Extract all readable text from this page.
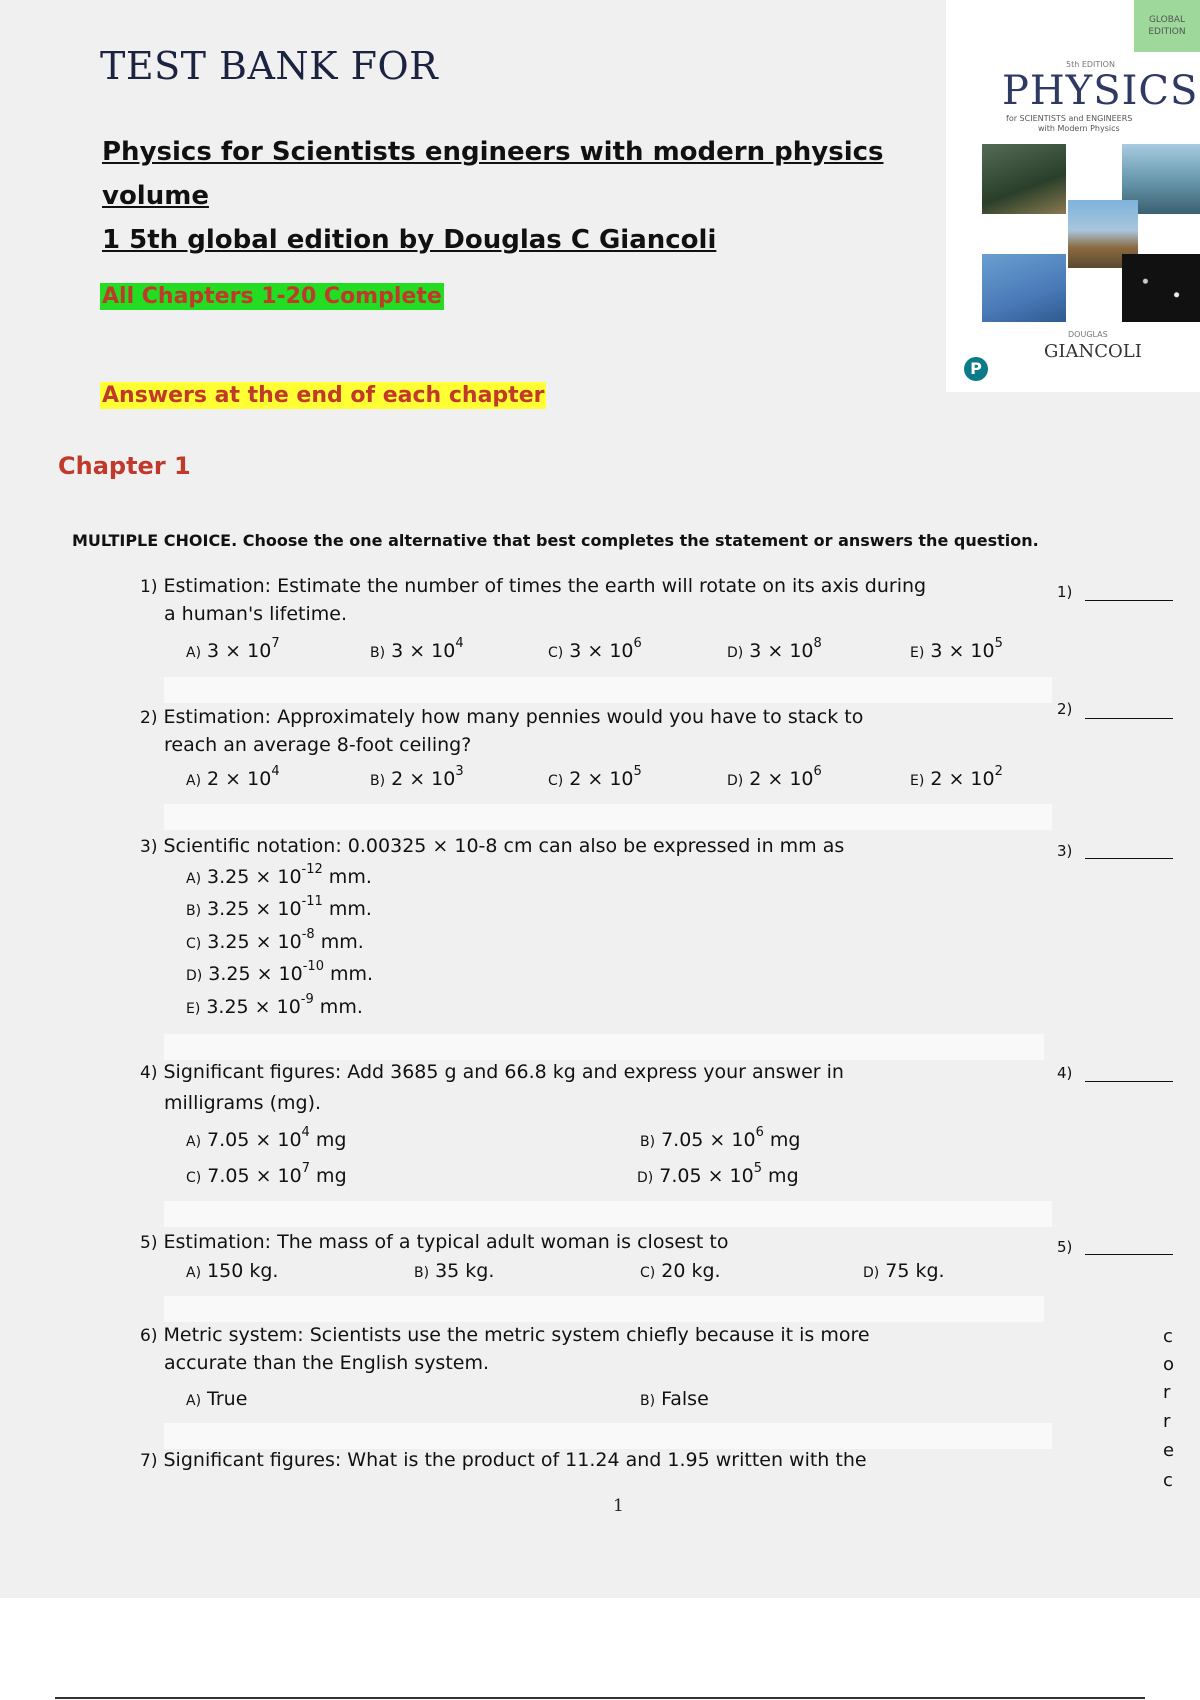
TEST BANK FOR
Physics for Scientists engineers with modern physics volume
1 5th global edition by Douglas C Giancoli
All Chapters 1-20 Complete
Answers at the end of each chapter
Chapter 1
MULTIPLE CHOICE. Choose the one alternative that best completes the statement or answers the question.
GLOBAL
EDITION
5th EDITION
PHYSICS
for SCIENTISTS and ENGINEERS
with Modern Physics
DOUGLAS
GIANCOLI
P
1) Estimation: Estimate the number of times the earth will rotate on its axis during
a human's lifetime.
1)
A) $3 \times 10^7$
B) $3 \times 10^4$
C) $3 \times 10^6$
D) $3 \times 10^8$
E) $3 \times 10^5$
2) Estimation: Approximately how many pennies would you have to stack to
reach an average 8-foot ceiling?
2)
A) $2 \times 10^4$
B) $2 \times 10^3$
C) $2 \times 10^5$
D) $2 \times 10^6$
E) $2 \times 10^2$
3) Scientific notation: 0.00325 × 10-8 cm can also be expressed in mm as	3)
A) $3.25 \times 10^{-12}$ mm.
B) $3.25 \times 10^{-11}$ mm.
C) $3.25 \times 10^{-8}$ mm.
D) $3.25 \times 10^{-10}$ mm.
E) $3.25 \times 10^{-9}$ mm.
4) Significant figures: Add 3685 g and 66.8 kg and express your answer in
milligrams (mg).
4)
A) $7.05 \times 10^4$ mg	B) $7.05 \times 10^6$ mg
C) $7.05 \times 10^7$ mg	D) $7.05 \times 10^5$ mg
5) Estimation: The mass of a typical adult woman is closest to	5)
A) 150 kg.	B) 35 kg.	C) 20 kg.	D) 75 kg.
6) Metric system: Scientists use the metric system chiefly because it is more
accurate than the English system.
A) True	B) False
7) Significant figures: What is the product of 11.24 and 1.95 written with the
c
o
r
r
e
c
1
